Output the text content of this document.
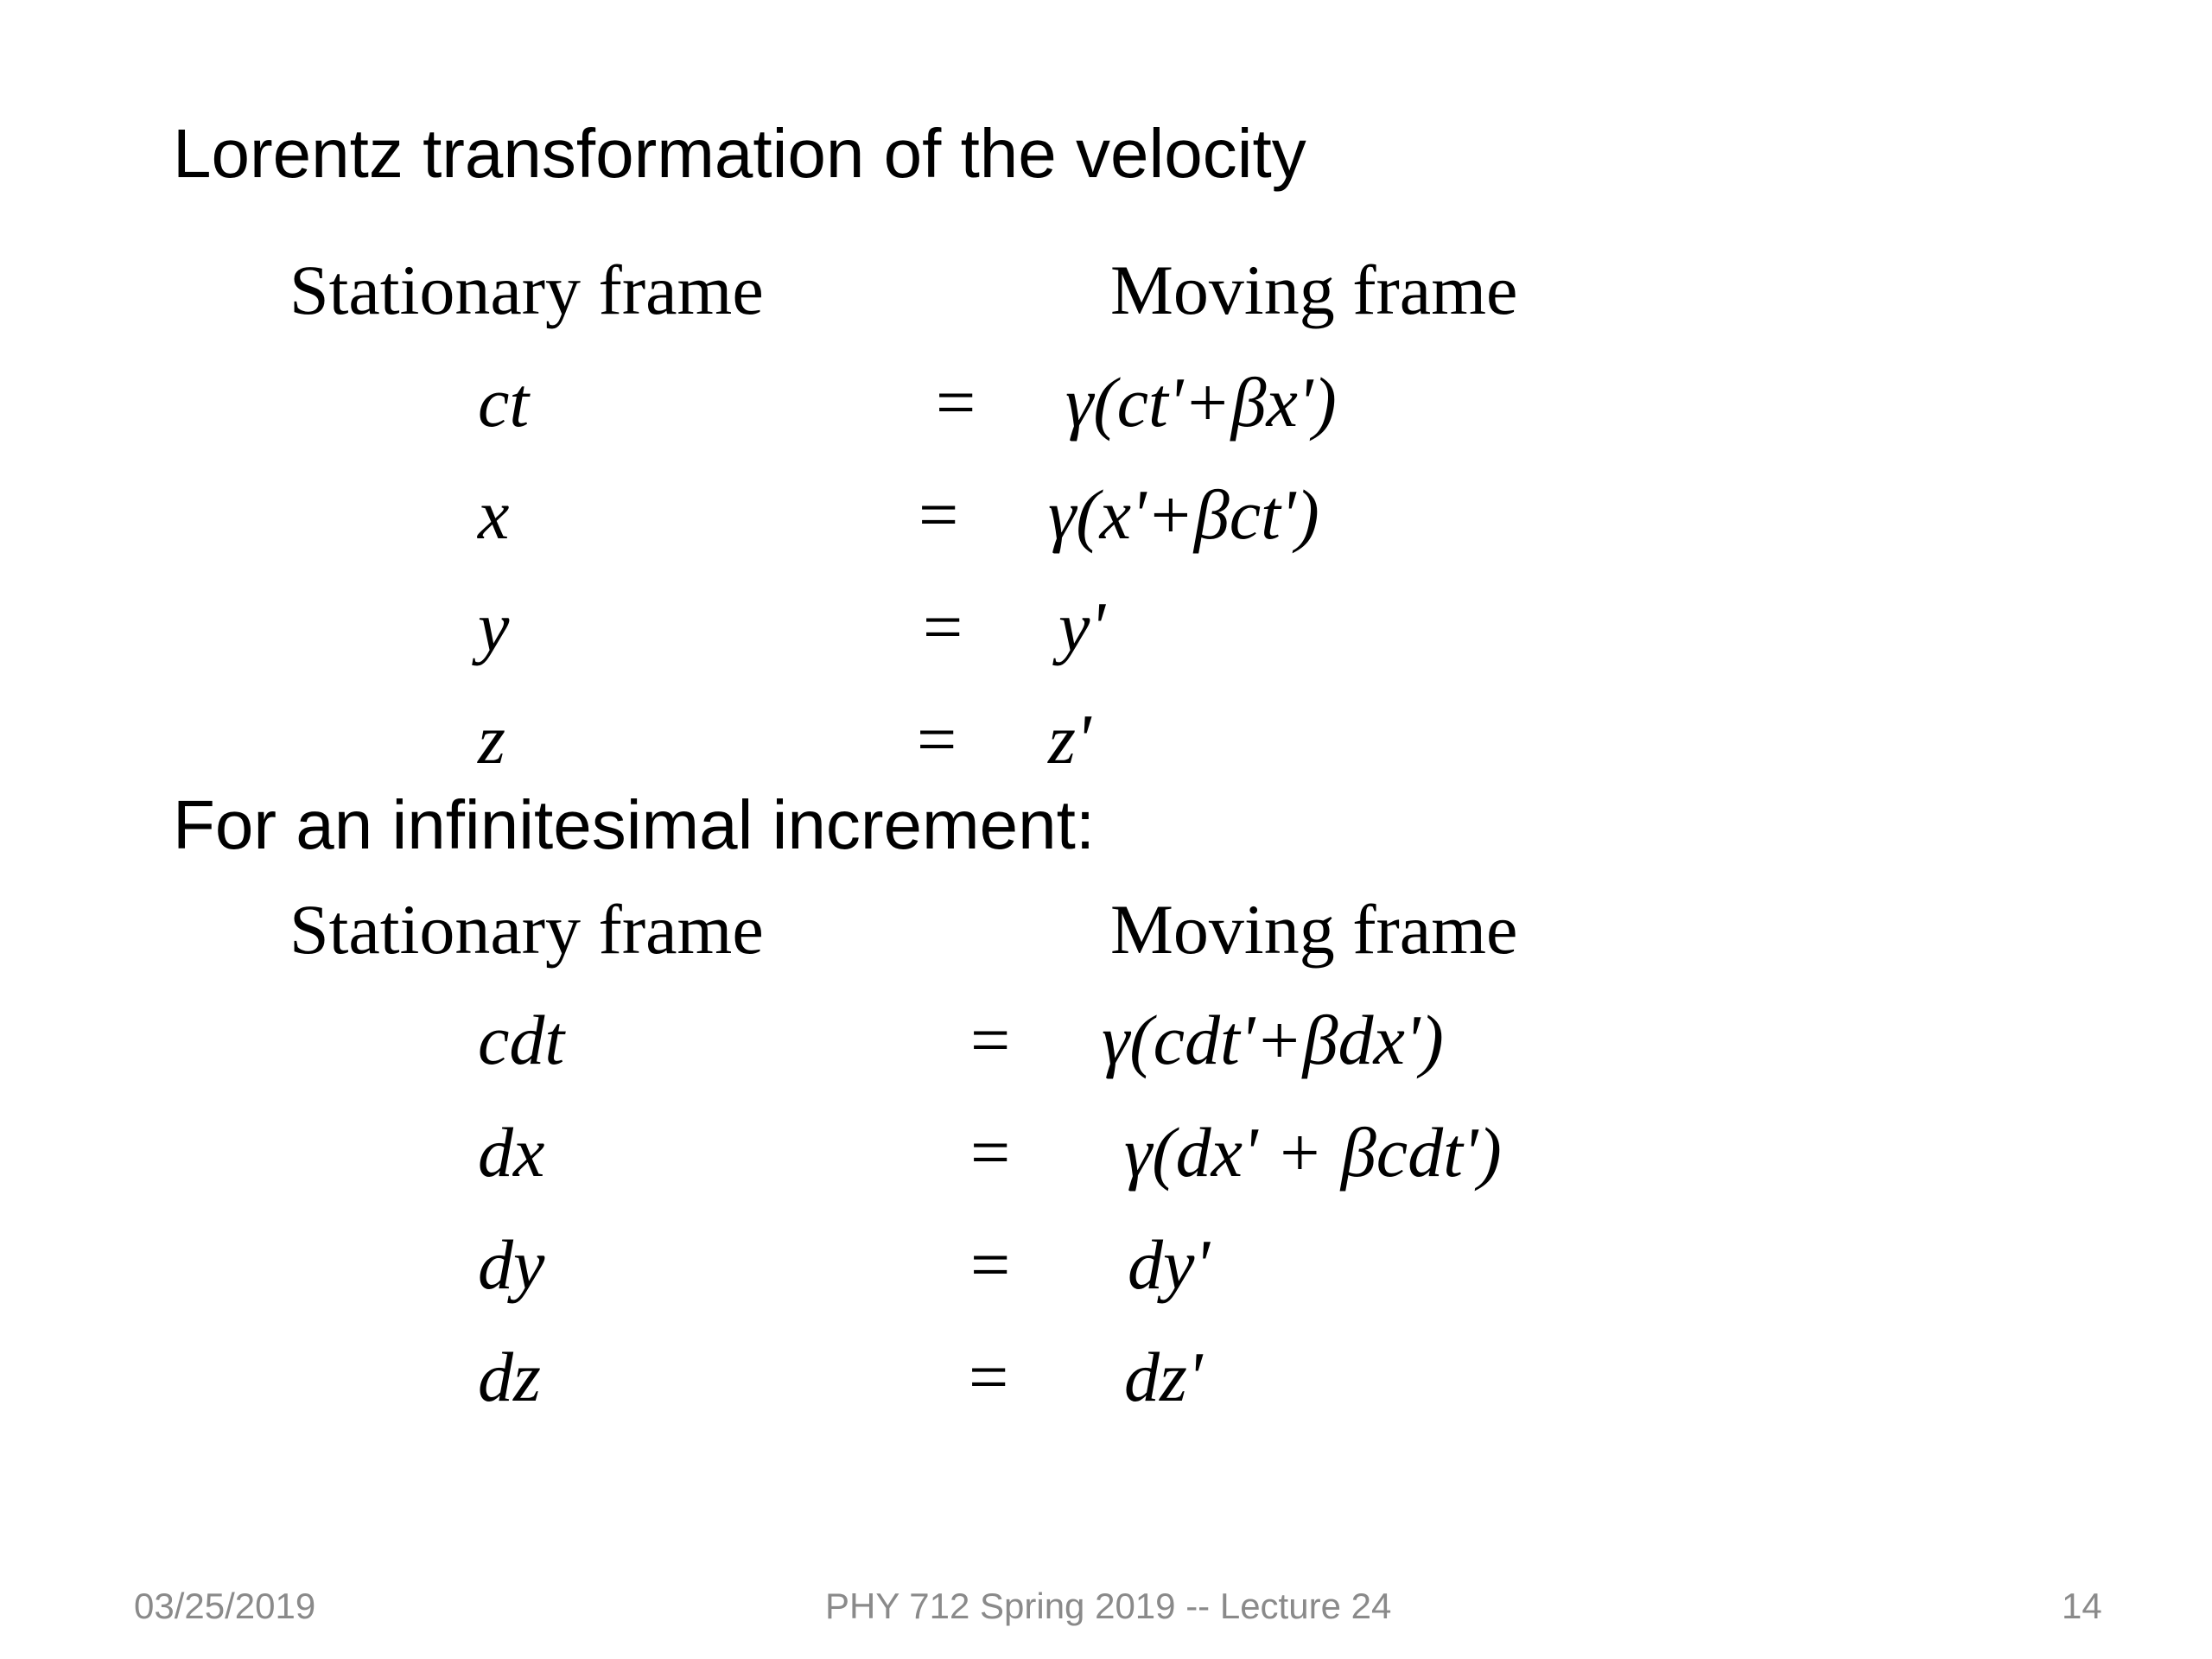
Lorentz transformation of the velocity
Stationary frame	Moving frame
ct	= γ(ct'+βx')
x	= γ(x'+βct')
y	= y'
z	= z'
For an infinitesimal increment:
Stationary frame	Moving frame
cdt	= γ(cdt'+βdx')
dx	= γ(dx' + βcdt')
dy	= dy'
dz	= dz'
03/25/2019	PHY 712 Spring 2019 -- Lecture 24	14
